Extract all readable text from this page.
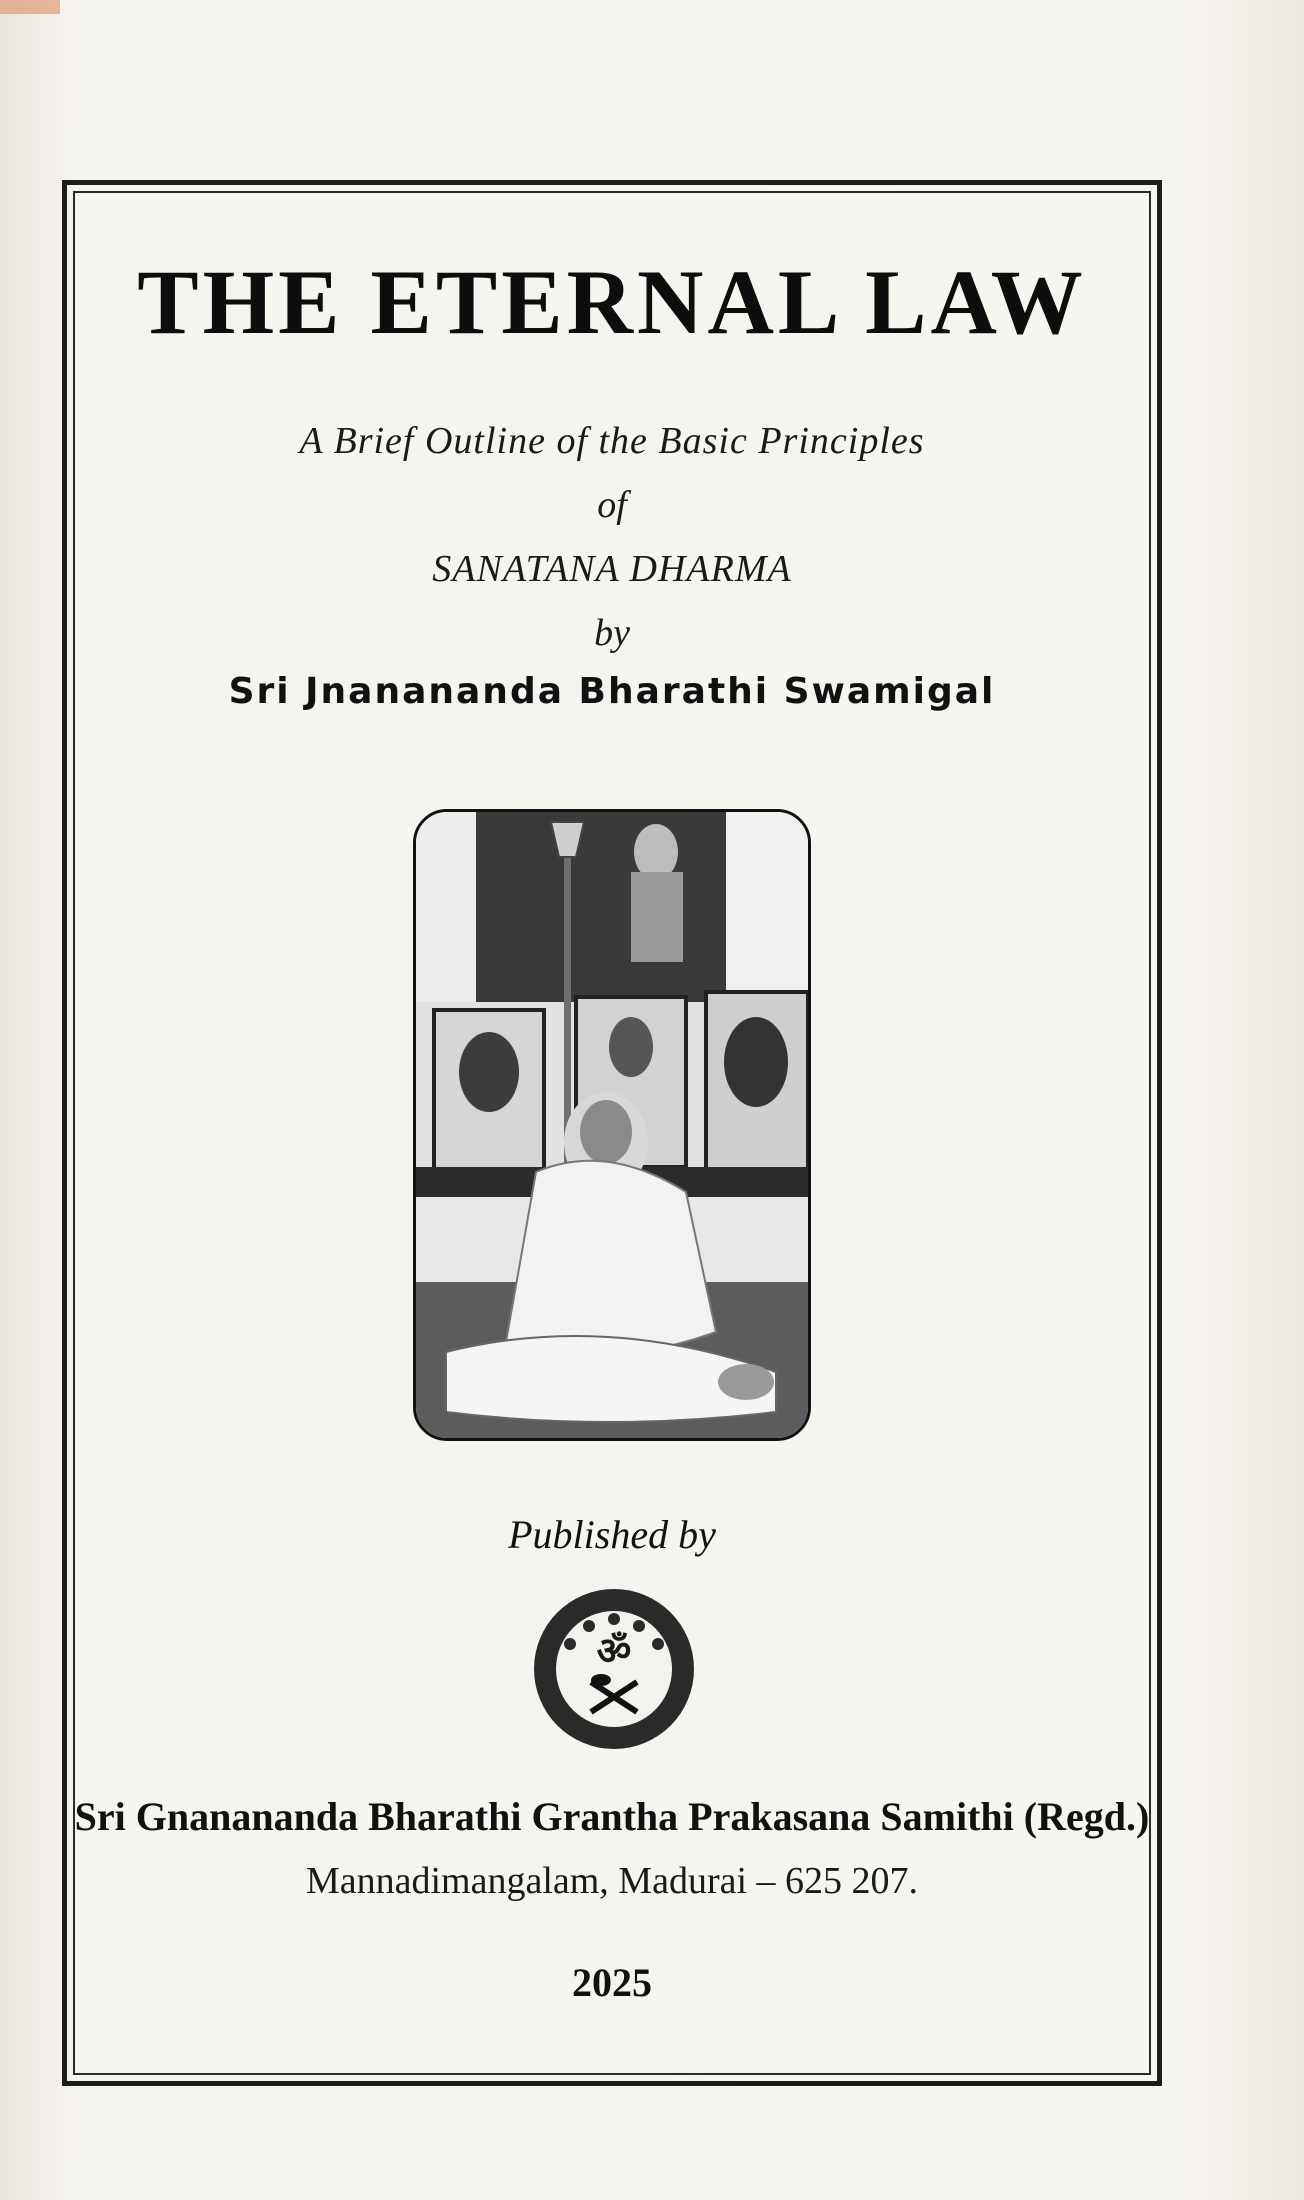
THE ETERNAL LAW
A Brief Outline of the Basic Principles
of
SANATANA DHARMA
by
Sri Jnanananda Bharathi Swamigal
Published by
ॐ
Sri Gnanananda Bharathi Grantha Prakasana Samithi (Regd.)
Mannadimangalam, Madurai – 625 207.
2025
